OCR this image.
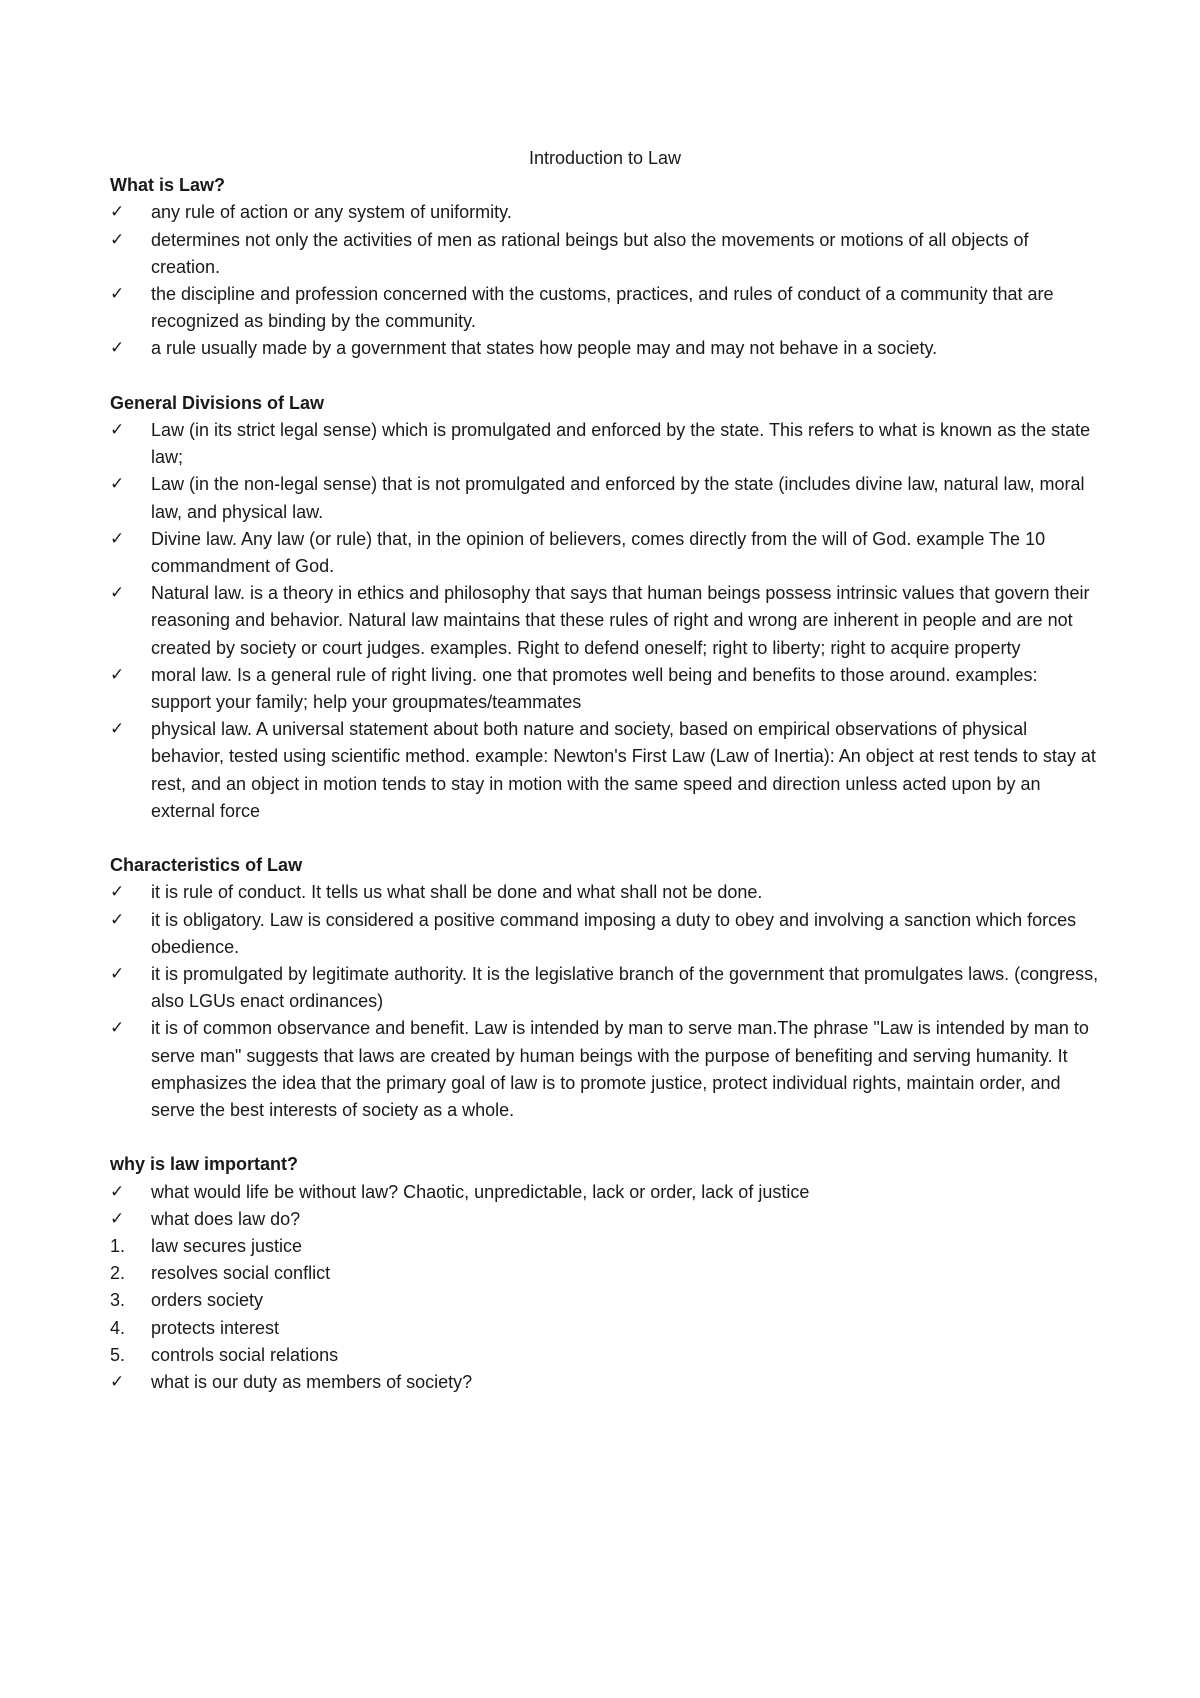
Introduction to Law
What is Law?
✓	any rule of action or any system of uniformity.
✓	determines not only the activities of men as rational beings but also the movements or motions of all objects of creation.
✓	the discipline and profession concerned with the customs, practices, and rules of conduct of a community that are recognized as binding by the community.
✓	a rule usually made by a government that states how people may and may not behave in a society.
General Divisions of Law
✓	Law (in its strict legal sense) which is promulgated and enforced by the state. This refers to what is known as the state law;
✓	Law (in the non-legal sense) that is not promulgated and enforced by the state (includes divine law, natural law, moral law, and physical law.
✓	Divine law. Any law (or rule) that, in the opinion of believers, comes directly from the will of God. example The 10 commandment of God.
✓	Natural law. is a theory in ethics and philosophy that says that human beings possess intrinsic values that govern their reasoning and behavior. Natural law maintains that these rules of right and wrong are inherent in people and are not created by society or court judges. examples. Right to defend oneself; right to liberty; right to acquire property
✓	moral law. Is a general rule of right living. one that promotes well being and benefits to those around. examples: support your family; help your groupmates/teammates
✓	physical law. A universal statement about both nature and society, based on empirical observations of physical behavior, tested using scientific method. example: Newton's First Law (Law of Inertia): An object at rest tends to stay at rest, and an object in motion tends to stay in motion with the same speed and direction unless acted upon by an external force
Characteristics of Law
✓	it is rule of conduct. It tells us what shall be done and what shall not be done.
✓	it is obligatory. Law is considered a positive command imposing a duty to obey and involving a sanction which forces obedience.
✓	it is promulgated by legitimate authority. It is the legislative branch of the government that promulgates laws. (congress, also LGUs enact ordinances)
✓	it is of common observance and benefit. Law is intended by man to serve man.The phrase "Law is intended by man to serve man" suggests that laws are created by human beings with the purpose of benefiting and serving humanity. It emphasizes the idea that the primary goal of law is to promote justice, protect individual rights, maintain order, and serve the best interests of society as a whole.
why is law important?
✓	what would life be without law? Chaotic, unpredictable, lack or order, lack of justice
✓	what does law do?
1.	law secures justice
2.	resolves social conflict
3.	orders society
4.	protects interest
5.	controls social relations
✓	what is our duty as members of society?
